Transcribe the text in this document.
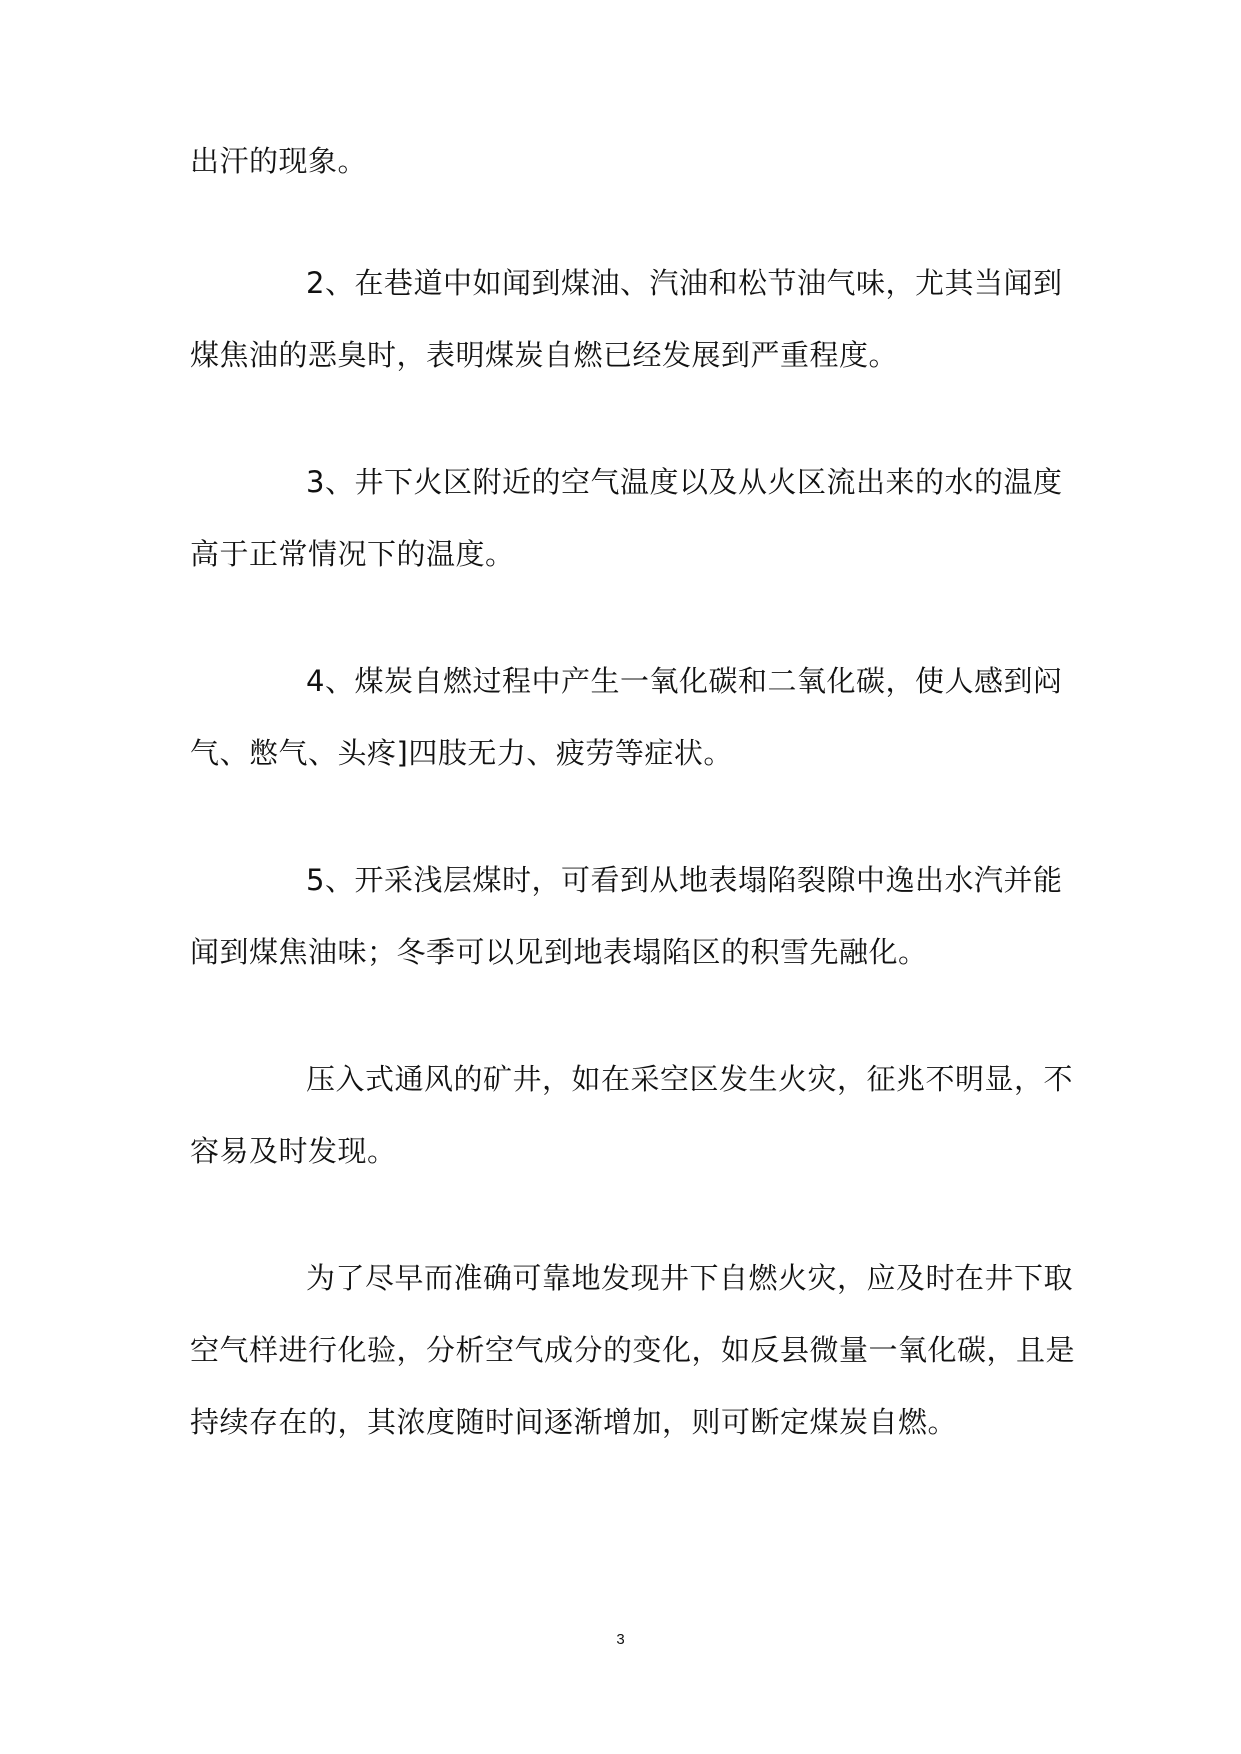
出汗的现象。
2、在巷道中如闻到煤油、汽油和松节油气味，尤其当闻到
煤焦油的恶臭时，表明煤炭自燃已经发展到严重程度。
3、井下火区附近的空气温度以及从火区流出来的水的温度
高于正常情况下的温度。
4、煤炭自燃过程中产生一氧化碳和二氧化碳，使人感到闷
气、憋气、头疼]四肢无力、疲劳等症状。
5、开采浅层煤时，可看到从地表塌陷裂隙中逸出水汽并能
闻到煤焦油味；冬季可以见到地表塌陷区的积雪先融化。
压入式通风的矿井，如在采空区发生火灾，征兆不明显，不
容易及时发现。
为了尽早而准确可靠地发现井下自燃火灾，应及时在井下取
空气样进行化验，分析空气成分的变化，如反县微量一氧化碳，且是
持续存在的，其浓度随时间逐渐增加，则可断定煤炭自燃。
3
